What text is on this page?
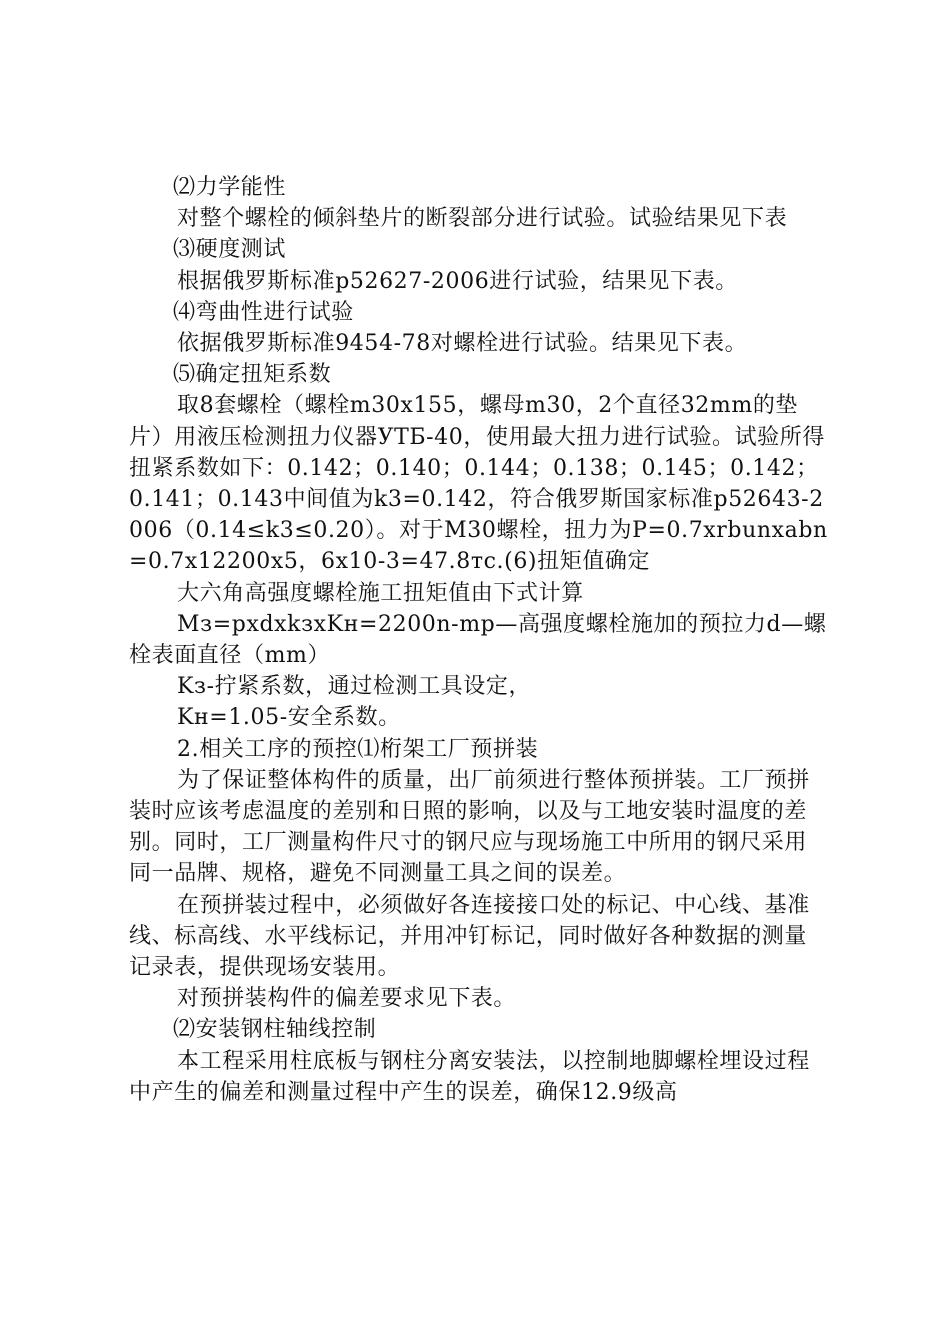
⑵力学能性

对整个螺栓的倾斜垫片的断裂部分进行试验。试验结果见下表

⑶硬度测试

根据俄罗斯标准p52627-2006进行试验，结果见下表。

⑷弯曲性进行试验

依据俄罗斯标准9454-78对螺栓进行试验。结果见下表。

⑸确定扭矩系数

取8套螺栓（螺栓m30x155，螺母m30，2个直径32mm的垫片）用液压检测扭力仪器УТБ-40，使用最大扭力进行试验。试验所得扭紧系数如下：0.142；0.140；0.144；0.138；0.145；0.142；0.141；0.143中间值为k3=0.142，符合俄罗斯国家标准p52643-2006（0.14≤k3≤0.20）。对于M30螺栓，扭力为P=0.7xrbunxabn=0.7x12200x5，6x10-3=47.8тс.(6)扭矩值确定

大六角高强度螺栓施工扭矩值由下式计算

Mз=pxdxkзxKн=2200n-mp—高强度螺栓施加的预拉力d—螺栓表面直径（mm）

Kз-拧紧系数，通过检测工具设定，

Kн=1.05-安全系数。

2.相关工序的预控⑴桁架工厂预拼装

为了保证整体构件的质量，出厂前须进行整体预拼装。工厂预拼装时应该考虑温度的差别和日照的影响，以及与工地安装时温度的差别。同时，工厂测量构件尺寸的钢尺应与现场施工中所用的钢尺采用同一品牌、规格，避免不同测量工具之间的误差。

在预拼装过程中，必须做好各连接接口处的标记、中心线、基准线、标高线、水平线标记，并用冲钉标记，同时做好各种数据的测量记录表，提供现场安装用。

对预拼装构件的偏差要求见下表。

⑵安装钢柱轴线控制

本工程采用柱底板与钢柱分离安装法，以控制地脚螺栓埋设过程中产生的偏差和测量过程中产生的误差，确保12.9级高
